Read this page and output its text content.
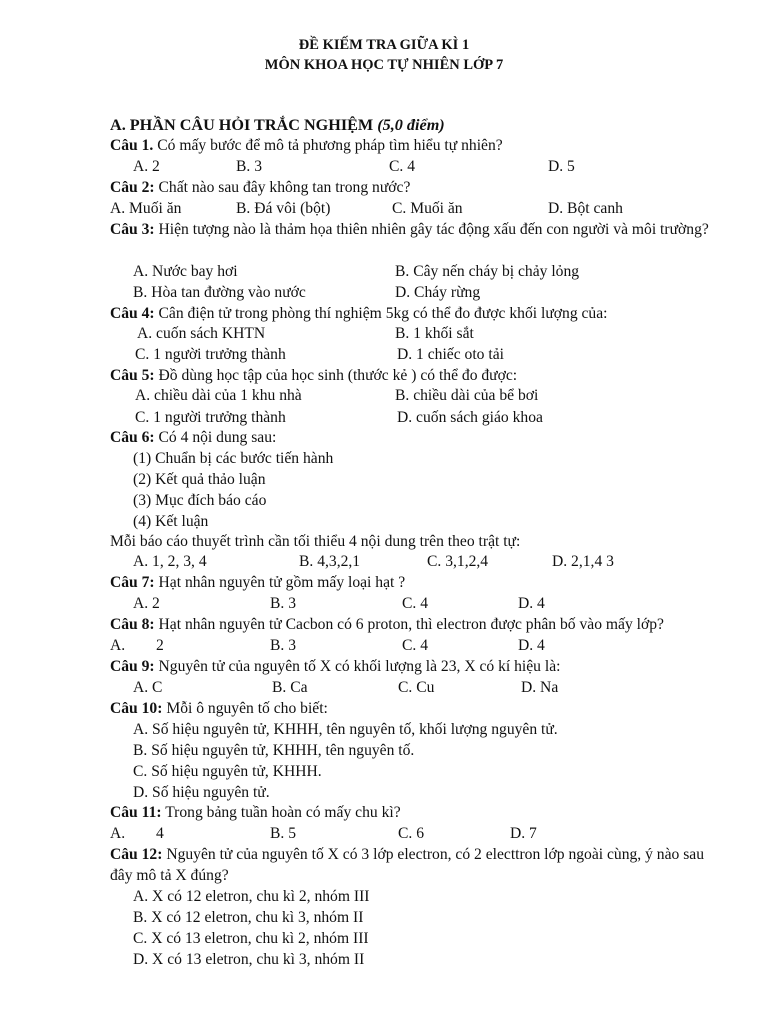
ĐỀ KIẾM TRA GIỮA KÌ 1
MÔN KHOA HỌC TỰ NHIÊN LỚP 7
A. PHẦN CÂU HỎI TRẮC NGHIỆM (5,0 điểm)
Câu 1. Có mấy bước để mô tả phương pháp tìm hiểu tự nhiên?
A. 2	B. 3	C. 4	D. 5
Câu 2: Chất nào sau đây không tan trong nước?
A. Muối ăn	B. Đá vôi (bột)	C. Muối ăn	D. Bột canh
Câu 3: Hiện tượng nào là thảm họa thiên nhiên gây tác động xấu đến con người và môi trường?
A. Nước bay hơi	B. Cây nến cháy bị chảy lỏng
B. Hòa tan đường vào nước	D. Cháy rừng
Câu 4: Cân điện tử trong phòng thí nghiệm 5kg có thể đo được khối lượng của:
A. cuốn sách KHTN	B. 1 khối sắt
C. 1 người trưởng thành	D. 1 chiếc oto tải
Câu 5: Đồ dùng học tập của học sinh (thước kẻ ) có thể đo được:
A. chiều dài của 1 khu nhà	B. chiều dài của bể bơi
C. 1 người trưởng thành	D. cuốn sách giáo khoa
Câu 6: Có 4 nội dung sau:
(1) Chuẩn bị các bước tiến hành
(2) Kết quả thảo luận
(3) Mục đích báo cáo
(4) Kết luận
Mỗi báo cáo thuyết trình cần tối thiểu 4 nội dung trên theo trật tự:
A. 1, 2, 3, 4	B. 4,3,2,1	C. 3,1,2,4	D. 2,1,4 3
Câu 7: Hạt nhân nguyên tử gồm mấy loại hạt ?
A. 2	B. 3	C. 4	D. 4
Câu 8: Hạt nhân nguyên tử Cacbon có 6 proton, thì electron được phân bố vào mấy lớp?
A. 2	B. 3	C. 4	D. 4
Câu 9: Nguyên tử của nguyên tố X có khối lượng là 23, X có kí hiệu là:
A. C	B. Ca	C. Cu	D. Na
Câu 10: Mỗi ô nguyên tố cho biết:
A. Số hiệu nguyên tử, KHHH, tên nguyên tố, khối lượng nguyên tử.
B. Số hiệu nguyên tử, KHHH, tên nguyên tố.
C. Số hiệu nguyên tử, KHHH.
D. Số hiệu nguyên tử.
Câu 11: Trong bảng tuần hoàn có mấy chu kì?
A. 4	B. 5	C. 6	D. 7
Câu 12: Nguyên tử của nguyên tố X có 3 lớp electron, có 2 electtron lớp ngoài cùng, ý nào sau đây mô tả X đúng?
A. X có 12 eletron, chu kì 2, nhóm III
B. X có 12 eletron, chu kì 3, nhóm II
C. X có 13 eletron, chu kì 2, nhóm III
D. X có 13 eletron, chu kì 3, nhóm II
